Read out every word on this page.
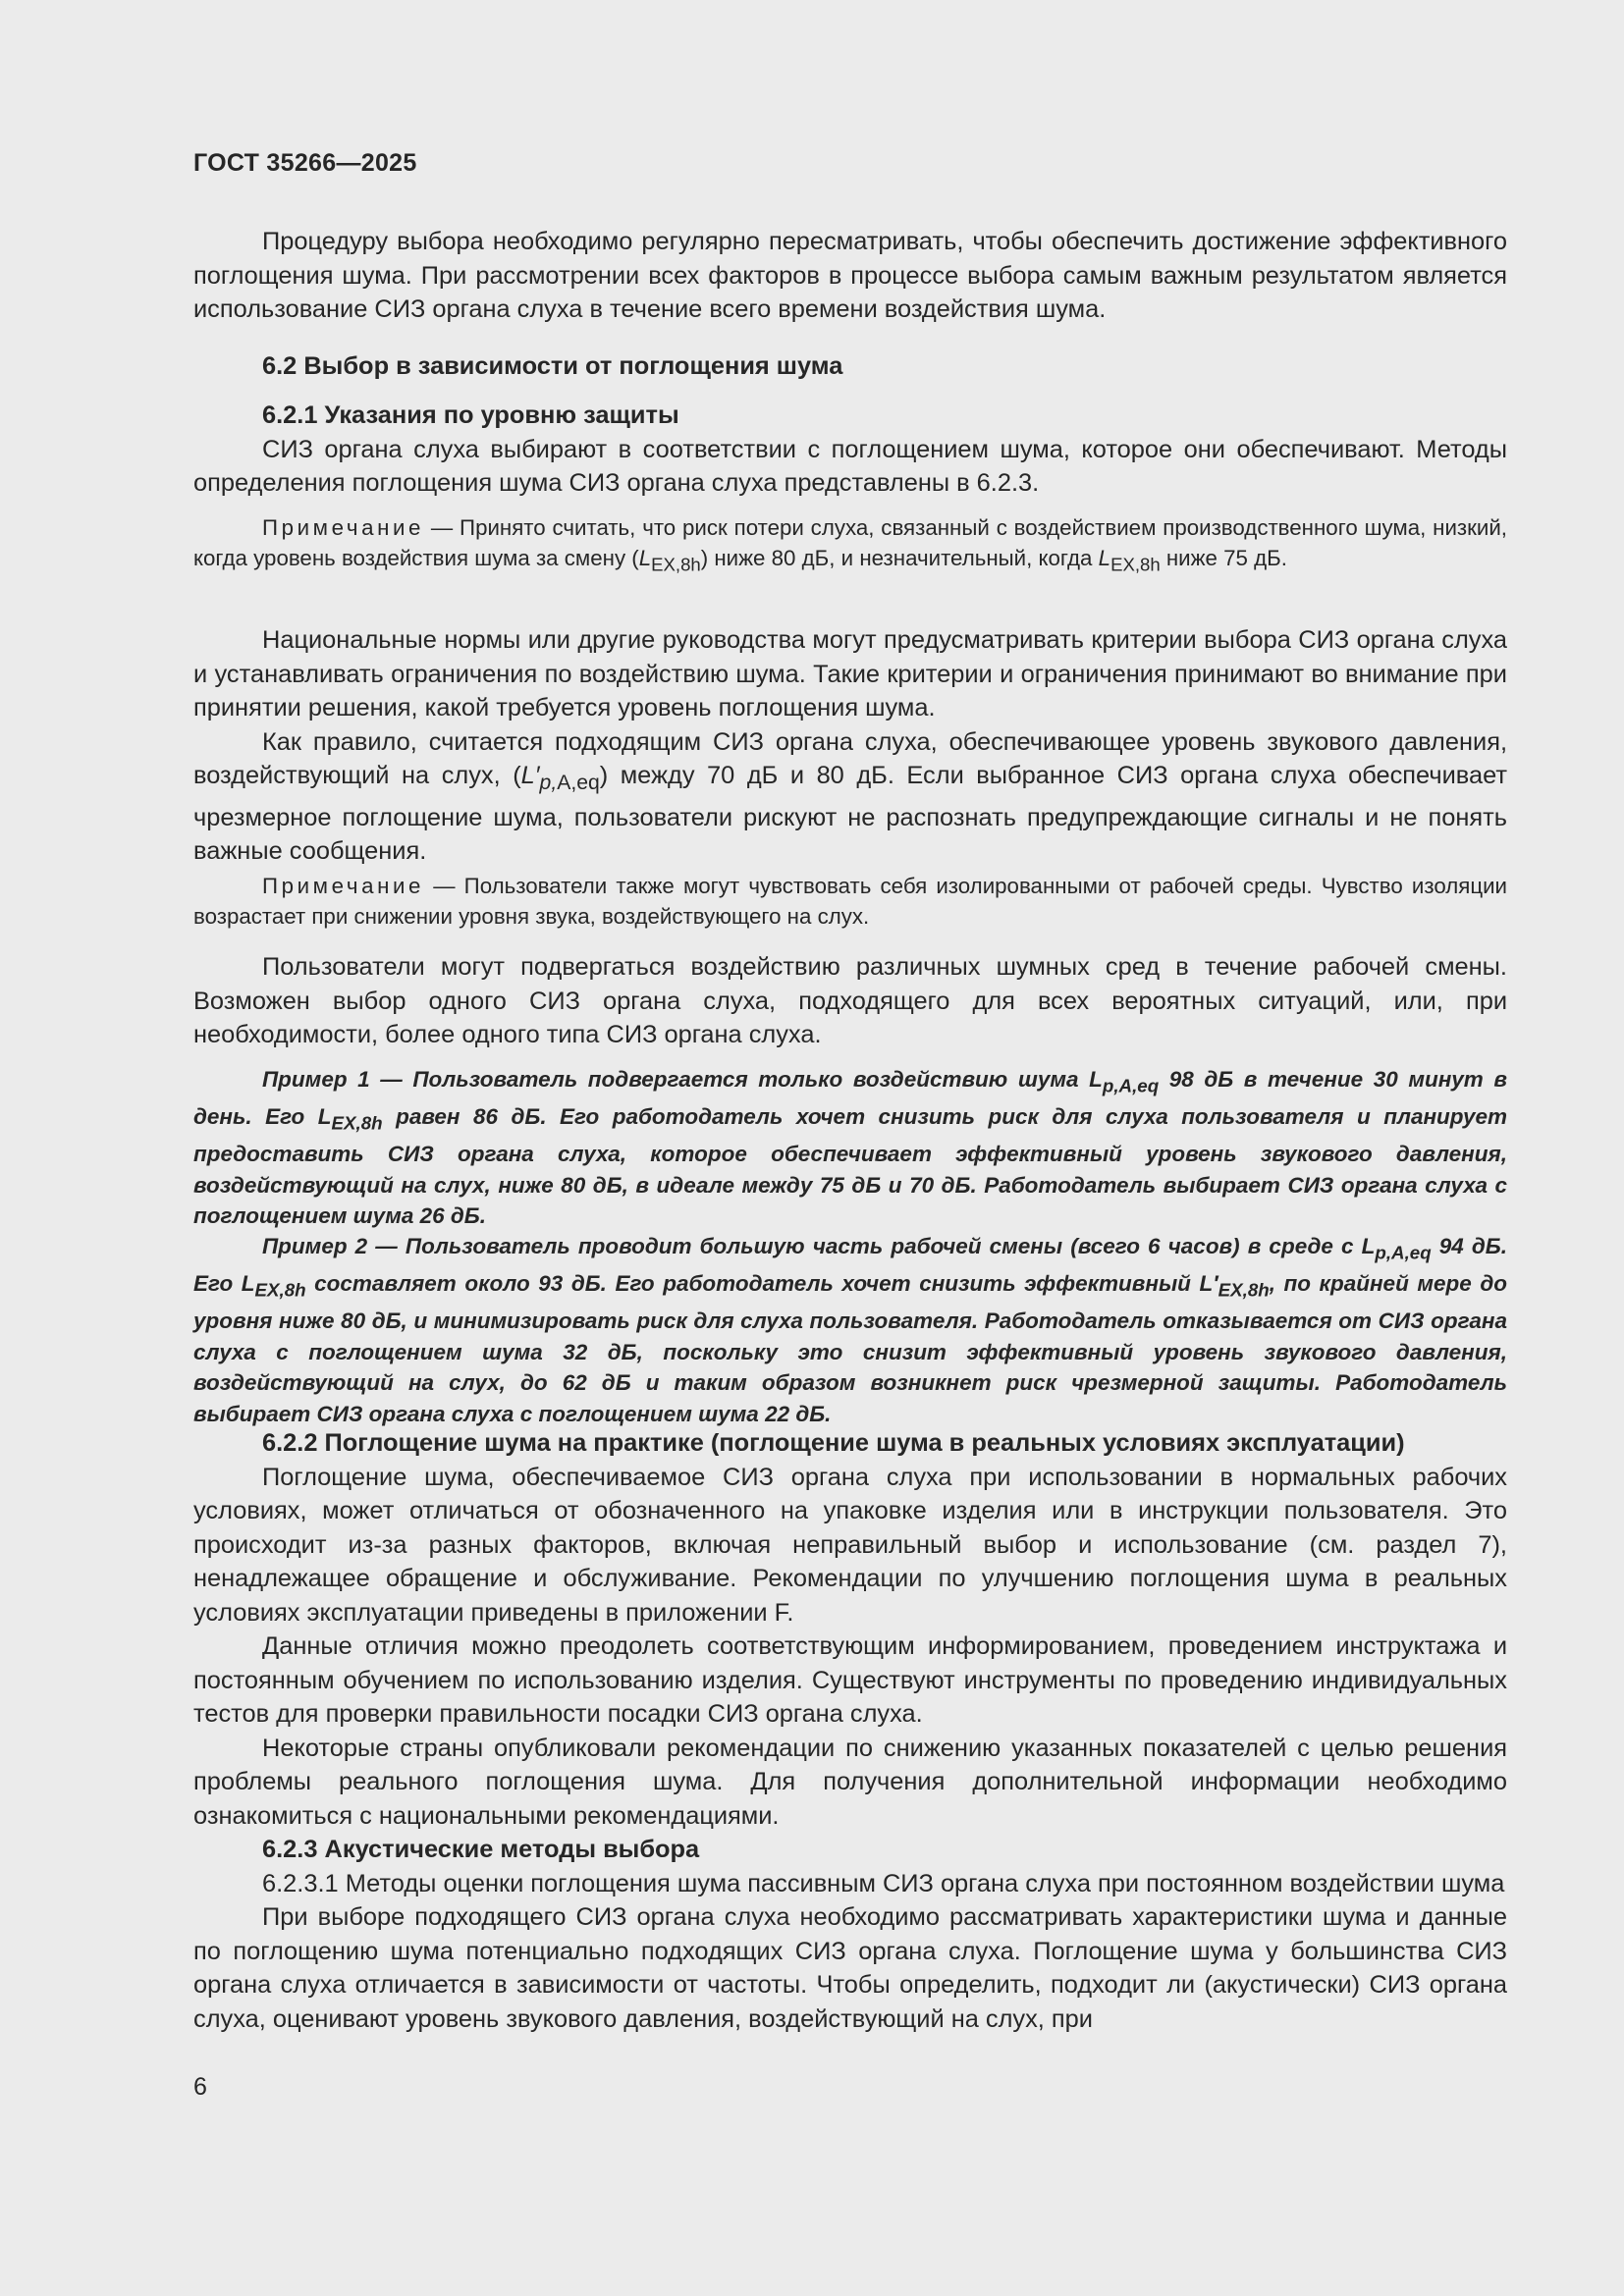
ГОСТ 35266—2025

Процедуру выбора необходимо регулярно пересматривать, чтобы обеспечить достижение эффективного поглощения шума. При рассмотрении всех факторов в процессе выбора самым важным результатом является использование СИЗ органа слуха в течение всего времени воздействия шума.

6.2 Выбор в зависимости от поглощения шума

6.2.1 Указания по уровню защиты

СИЗ органа слуха выбирают в соответствии с поглощением шума, которое они обеспечивают. Методы определения поглощения шума СИЗ органа слуха представлены в 6.2.3.

Примечание — Принято считать, что риск потери слуха, связанный с воздействием производственного шума, низкий, когда уровень воздействия шума за смену $(L_{EX,8h})$ ниже 80 дБ, и незначительный, когда $L_{EX,8h}$ ниже 75 дБ.

Национальные нормы или другие руководства могут предусматривать критерии выбора СИЗ органа слуха и устанавливать ограничения по воздействию шума. Такие критерии и ограничения принимают во внимание при принятии решения, какой требуется уровень поглощения шума.

Как правило, считается подходящим СИЗ органа слуха, обеспечивающее уровень звукового давления, воздействующий на слух, $(L'_{p,A,eq})$ между 70 дБ и 80 дБ. Если выбранное СИЗ органа слуха обеспечивает чрезмерное поглощение шума, пользователи рискуют не распознать предупреждающие сигналы и не понять важные сообщения.

Примечание — Пользователи также могут чувствовать себя изолированными от рабочей среды. Чувство изоляции возрастает при снижении уровня звука, воздействующего на слух.

Пользователи могут подвергаться воздействию различных шумных сред в течение рабочей смены. Возможен выбор одного СИЗ органа слуха, подходящего для всех вероятных ситуаций, или, при необходимости, более одного типа СИЗ органа слуха.

Пример 1 — Пользователь подвергается только воздействию шума $L_{p,A,eq}$ 98 дБ в течение 30 минут в день. Его $L_{EX,8h}$ равен 86 дБ. Его работодатель хочет снизить риск для слуха пользователя и планирует предоставить СИЗ органа слуха, которое обеспечивает эффективный уровень звукового давления, воздействующий на слух, ниже 80 дБ, в идеале между 75 дБ и 70 дБ. Работодатель выбирает СИЗ органа слуха с поглощением шума 26 дБ.

Пример 2 — Пользователь проводит большую часть рабочей смены (всего 6 часов) в среде с $L_{p,A,eq}$ 94 дБ. Его $L_{EX,8h}$ составляет около 93 дБ. Его работодатель хочет снизить эффективный $L'_{EX,8h}$, по крайней мере до уровня ниже 80 дБ, и минимизировать риск для слуха пользователя. Работодатель отказывается от СИЗ органа слуха с поглощением шума 32 дБ, поскольку это снизит эффективный уровень звукового давления, воздействующий на слух, до 62 дБ и таким образом возникнет риск чрезмерной защиты. Работодатель выбирает СИЗ органа слуха с поглощением шума 22 дБ.

6.2.2 Поглощение шума на практике (поглощение шума в реальных условиях эксплуатации)

Поглощение шума, обеспечиваемое СИЗ органа слуха при использовании в нормальных рабочих условиях, может отличаться от обозначенного на упаковке изделия или в инструкции пользователя. Это происходит из-за разных факторов, включая неправильный выбор и использование (см. раздел 7), ненадлежащее обращение и обслуживание. Рекомендации по улучшению поглощения шума в реальных условиях эксплуатации приведены в приложении F.

Данные отличия можно преодолеть соответствующим информированием, проведением инструктажа и постоянным обучением по использованию изделия. Существуют инструменты по проведению индивидуальных тестов для проверки правильности посадки СИЗ органа слуха.

Некоторые страны опубликовали рекомендации по снижению указанных показателей с целью решения проблемы реального поглощения шума. Для получения дополнительной информации необходимо ознакомиться с национальными рекомендациями.

6.2.3 Акустические методы выбора

6.2.3.1 Методы оценки поглощения шума пассивным СИЗ органа слуха при постоянном воздействии шума

При выборе подходящего СИЗ органа слуха необходимо рассматривать характеристики шума и данные по поглощению шума потенциально подходящих СИЗ органа слуха. Поглощение шума у большинства СИЗ органа слуха отличается в зависимости от частоты. Чтобы определить, подходит ли (акустически) СИЗ органа слуха, оценивают уровень звукового давления, воздействующий на слух, при

6
